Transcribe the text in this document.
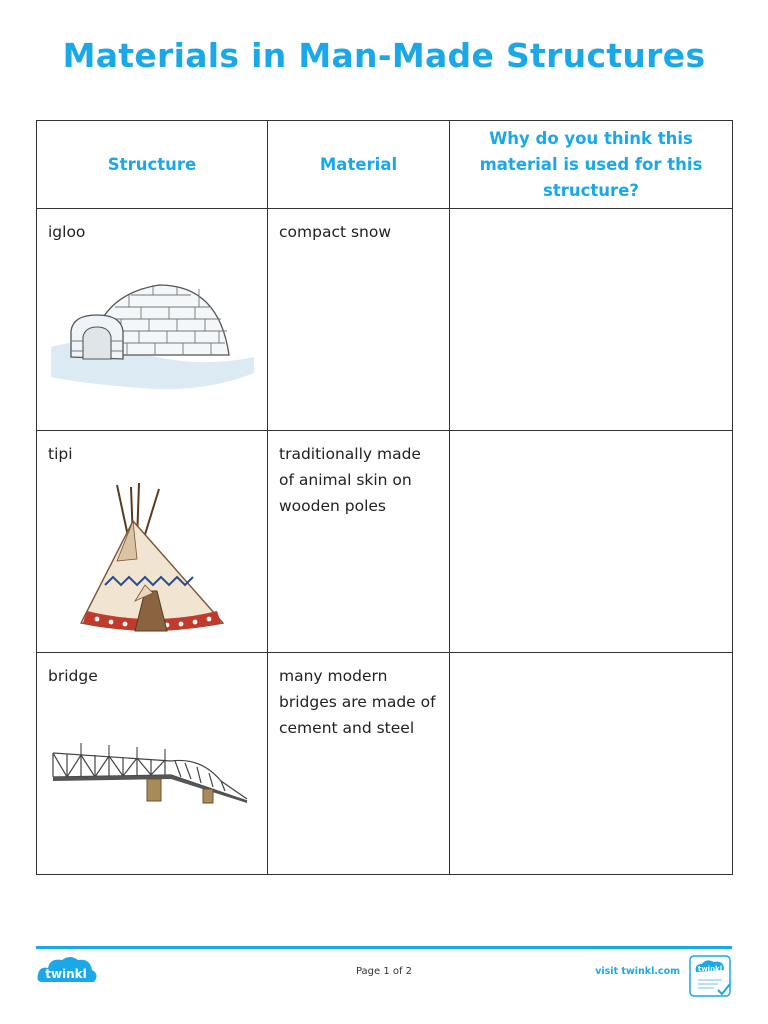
Materials in Man-Made Structures
Structure	Material	Why do you think this material is used for this structure?

igloo	compact snow	

tipi	traditionally made of animal skin on wooden poles	

bridge	many modern bridges are made of cement and steel	
twinkl	Page 1 of 2	visit twinkl.com	twinkl
